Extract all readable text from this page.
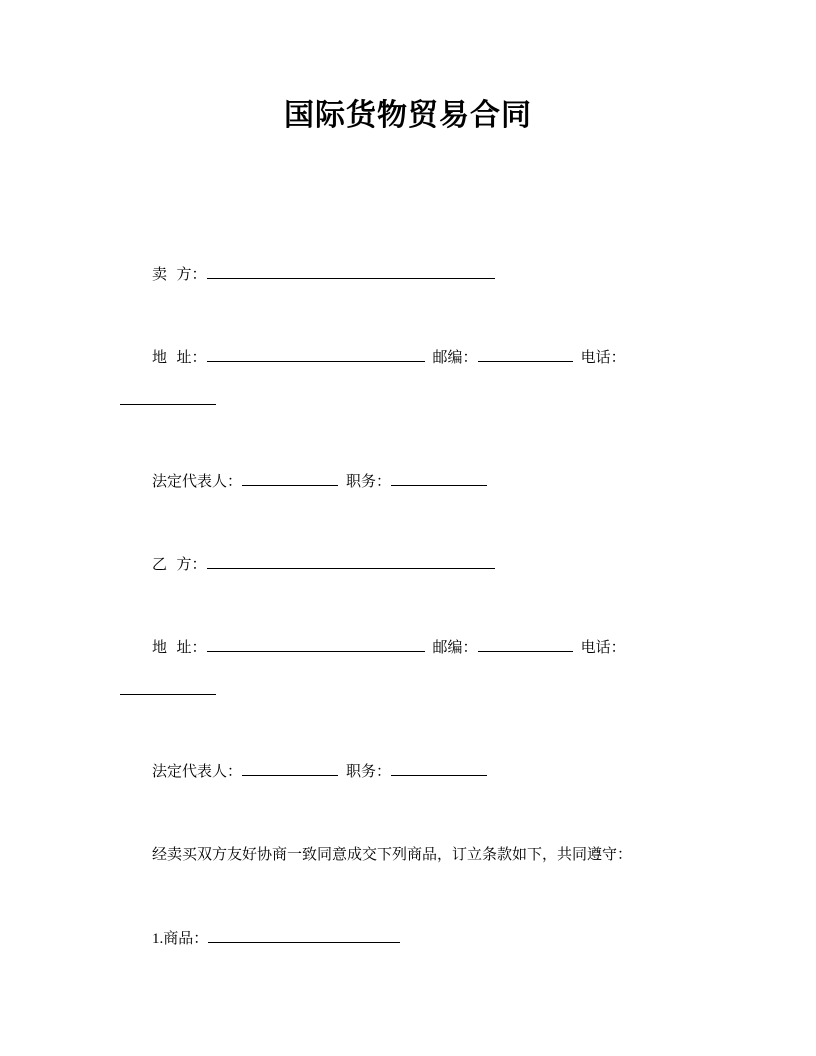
国际货物贸易合同
卖  方：
地  址：	邮编：	电话：
法定代表人：	职务：
乙  方：
地  址：	邮编：	电话：
法定代表人：	职务：
经卖买双方友好协商一致同意成交下列商品，订立条款如下，共同遵守：
1.商品：
